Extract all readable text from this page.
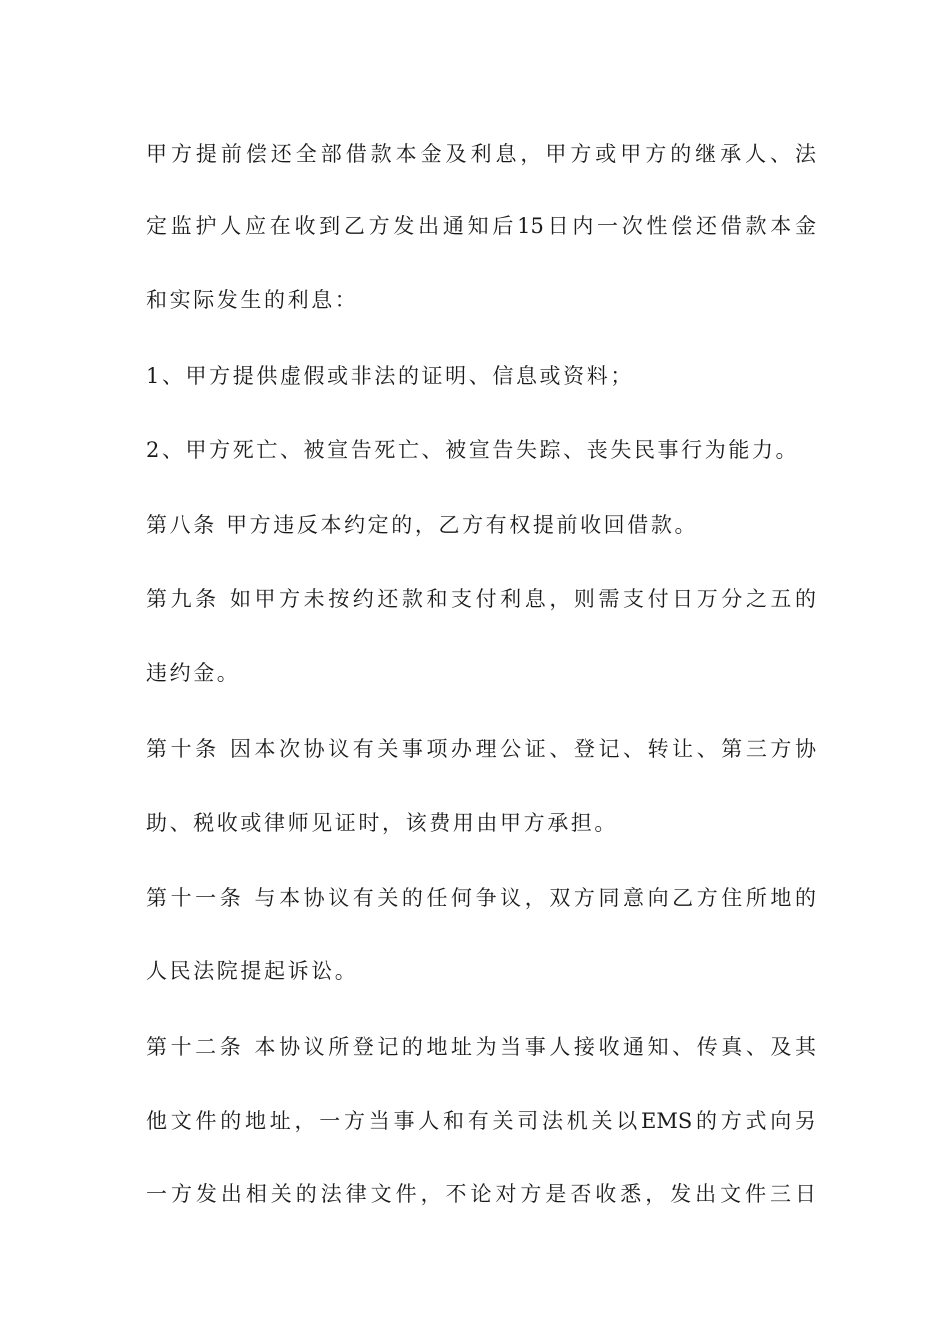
甲方提前偿还全部借款本金及利息，甲方或甲方的继承人、法
定监护人应在收到乙方发出通知后15日内一次性偿还借款本金
和实际发生的利息：
1、甲方提供虚假或非法的证明、信息或资料；
2、甲方死亡、被宣告死亡、被宣告失踪、丧失民事行为能力。
第八条 甲方违反本约定的，乙方有权提前收回借款。
第九条 如甲方未按约还款和支付利息，则需支付日万分之五的
违约金。
第十条 因本次协议有关事项办理公证、登记、转让、第三方协
助、税收或律师见证时，该费用由甲方承担。
第十一条 与本协议有关的任何争议，双方同意向乙方住所地的
人民法院提起诉讼。
第十二条 本协议所登记的地址为当事人接收通知、传真、及其
他文件的地址，一方当事人和有关司法机关以EMS的方式向另
一方发出相关的法律文件，不论对方是否收悉，发出文件三日
